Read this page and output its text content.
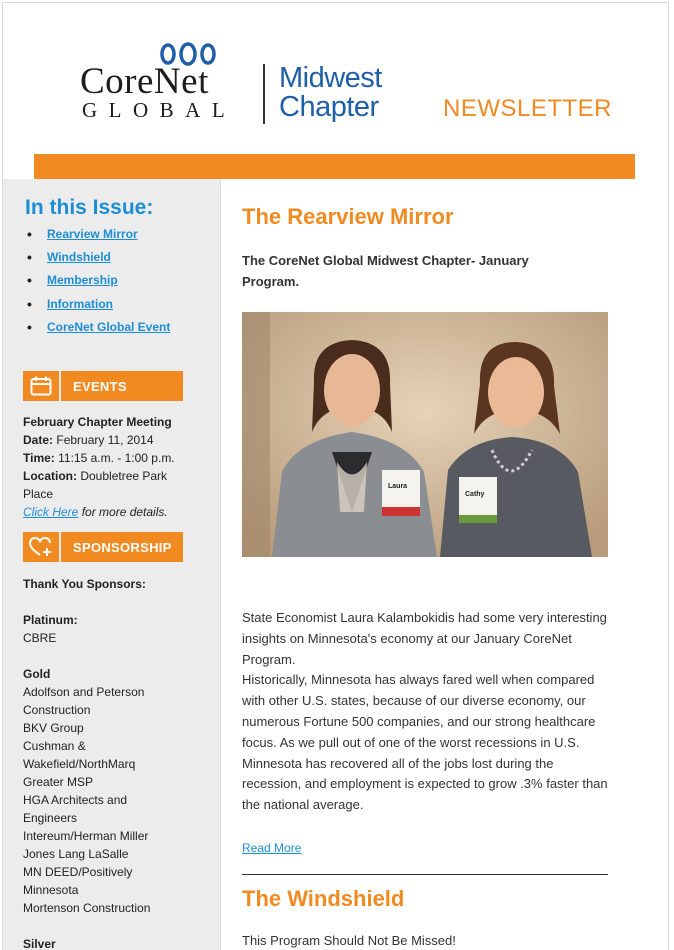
CoreNet
GLOBAL
Midwest
Chapter	NEWSLETTER
In this Issue:
•	Rearview Mirror
•	Windshield
•	Membership
•	Information
•	CoreNet Global Event
EVENTS
February Chapter Meeting
Date: February 11, 2014
Time: 11:15 a.m. - 1:00 p.m.
Location: Doubletree Park
Place
Click Here for more details.
SPONSORSHIP
Thank You Sponsors:
Platinum:
CBRE
Gold
Adolfson and Peterson
Construction
BKV Group
Cushman &
Wakefield/NorthMarq
Greater MSP
HGA Architects and
Engineers
Intereum/Herman Miller
Jones Lang LaSalle
MN DEED/Positively
Minnesota
Mortenson Construction
Silver
The Rearview Mirror
The CoreNet Global Midwest Chapter- January Program.
Laura
Cathy
State Economist Laura Kalambokidis had some very interesting insights on Minnesota's economy at our January CoreNet Program.
Historically, Minnesota has always fared well when compared with other U.S. states, because of our diverse economy, our numerous Fortune 500 companies, and our strong healthcare focus. As we pull out of one of the worst recessions in U.S. Minnesota has recovered all of the jobs lost during the recession, and employment is expected to grow .3% faster than the national average.
Read More
The Windshield
This Program Should Not Be Missed!
